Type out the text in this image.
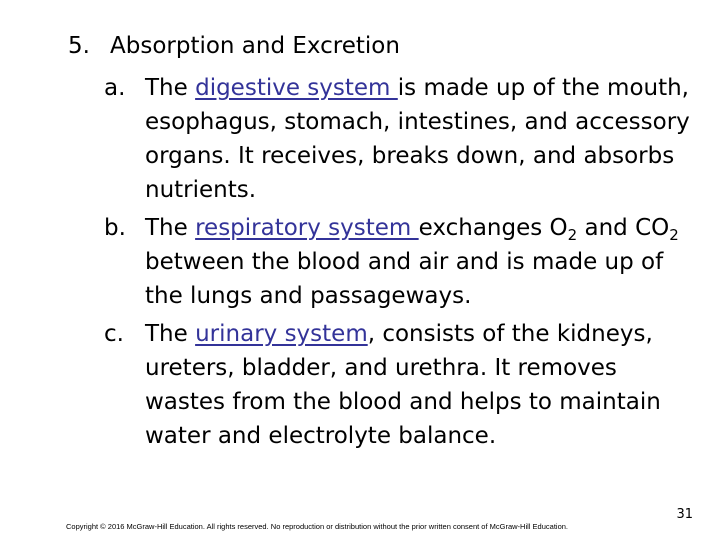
5. Absorption and Excretion
a. The digestive system is made up of the mouth, esophagus, stomach, intestines, and accessory organs. It receives, breaks down, and absorbs nutrients.
b. The respiratory system exchanges $O_2$ and $CO_2$ between the blood and air and is made up of the lungs and passageways.
c. The urinary system, consists of the kidneys, ureters, bladder, and urethra. It removes wastes from the blood and helps to maintain water and electrolyte balance.
31
Copyright © 2016 McGraw-Hill Education. All rights reserved. No reproduction or distribution without the prior written consent of McGraw-Hill Education.
